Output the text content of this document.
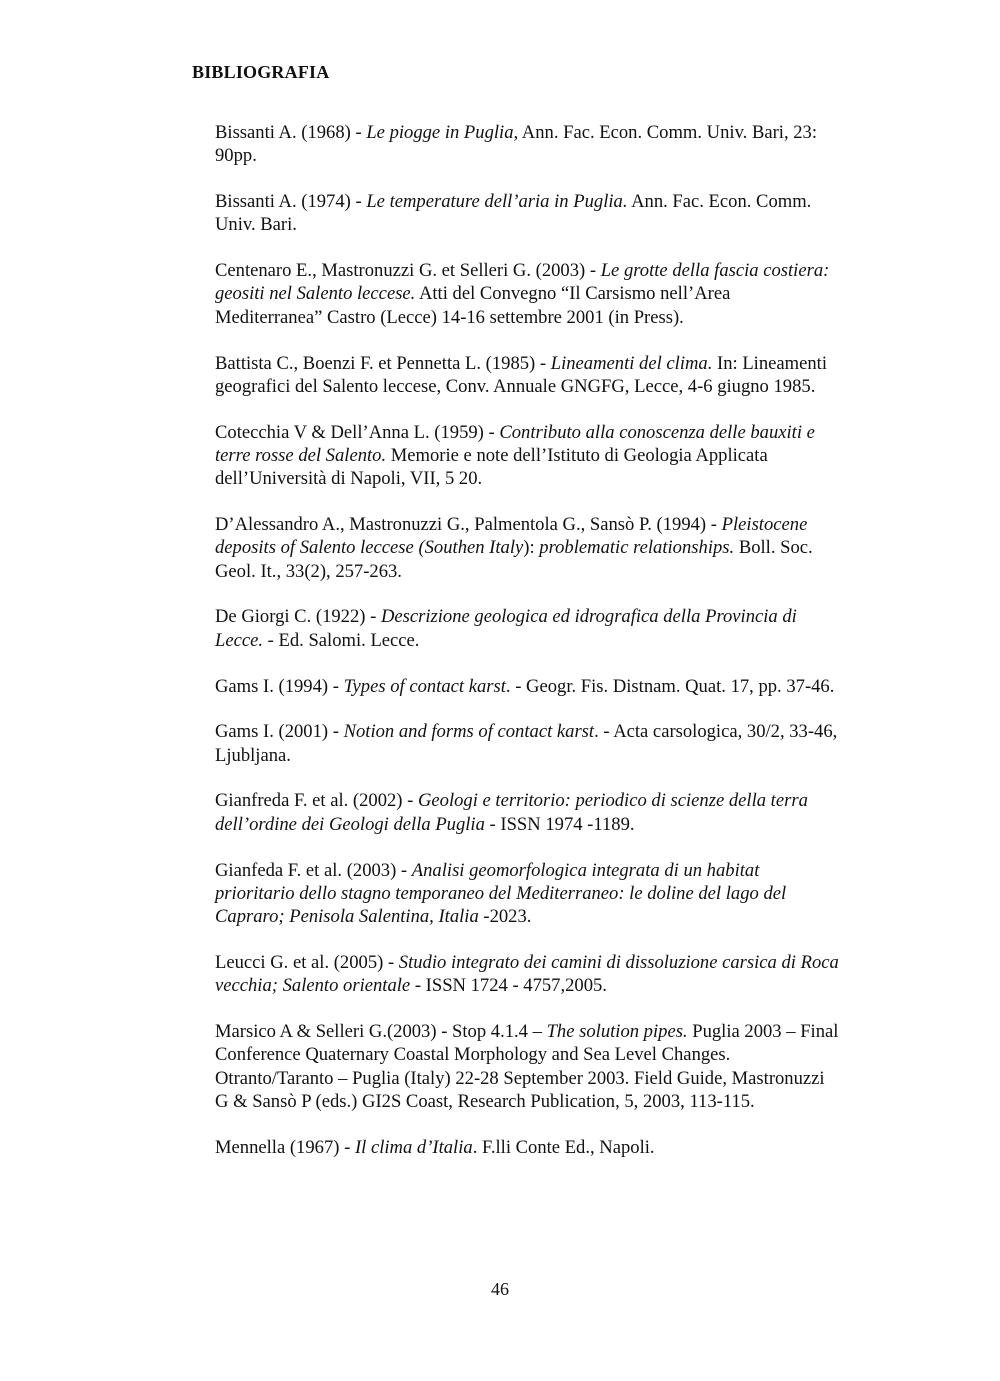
BIBLIOGRAFIA

Bissanti A. (1968) - Le piogge in Puglia, Ann. Fac. Econ. Comm. Univ. Bari, 23: 90pp.

Bissanti A. (1974) - Le temperature dell’aria in Puglia. Ann. Fac. Econ. Comm. Univ. Bari.

Centenaro E., Mastronuzzi G. et Selleri G. (2003) - Le grotte della fascia costiera: geositi nel Salento leccese. Atti del Convegno “Il Carsismo nell’Area Mediterranea” Castro (Lecce) 14-16 settembre 2001 (in Press).

Battista C., Boenzi F. et Pennetta L. (1985) - Lineamenti del clima. In: Lineamenti geografici del Salento leccese, Conv. Annuale GNGFG, Lecce, 4-6 giugno 1985.

Cotecchia V & Dell’Anna L. (1959) - Contributo alla conoscenza delle bauxiti e terre rosse del Salento. Memorie e note dell’Istituto di Geologia Applicata dell’Università di Napoli, VII, 5 20.

D’Alessandro A., Mastronuzzi G., Palmentola G., Sansò P. (1994) - Pleistocene deposits of Salento leccese (Southen Italy): problematic relationships. Boll. Soc. Geol. It., 33(2), 257-263.

De Giorgi C. (1922) - Descrizione geologica ed idrografica della Provincia di Lecce. - Ed. Salomi. Lecce.

Gams I. (1994) - Types of contact karst. - Geogr. Fis. Distnam. Quat. 17, pp. 37-46.

Gams I. (2001) - Notion and forms of contact karst. - Acta carsologica, 30/2, 33-46, Ljubljana.

Gianfreda F. et al. (2002) - Geologi e territorio: periodico di scienze della terra dell’ordine dei Geologi della Puglia - ISSN 1974 -1189.

Gianfeda F. et al. (2003) - Analisi geomorfologica integrata di un habitat prioritario dello stagno temporaneo del Mediterraneo: le doline del lago del Capraro; Penisola Salentina, Italia -2023.

Leucci G. et al. (2005) - Studio integrato dei camini di dissoluzione carsica di Roca vecchia; Salento orientale - ISSN 1724 - 4757,2005.

Marsico A & Selleri G.(2003) - Stop 4.1.4 – The solution pipes. Puglia 2003 – Final Conference Quaternary Coastal Morphology and Sea Level Changes. Otranto/Taranto – Puglia (Italy) 22-28 September 2003. Field Guide, Mastronuzzi G & Sansò P (eds.) GI2S Coast, Research Publication, 5, 2003, 113-115.

Mennella (1967) - Il clima d’Italia. F.lli Conte Ed., Napoli.

46
